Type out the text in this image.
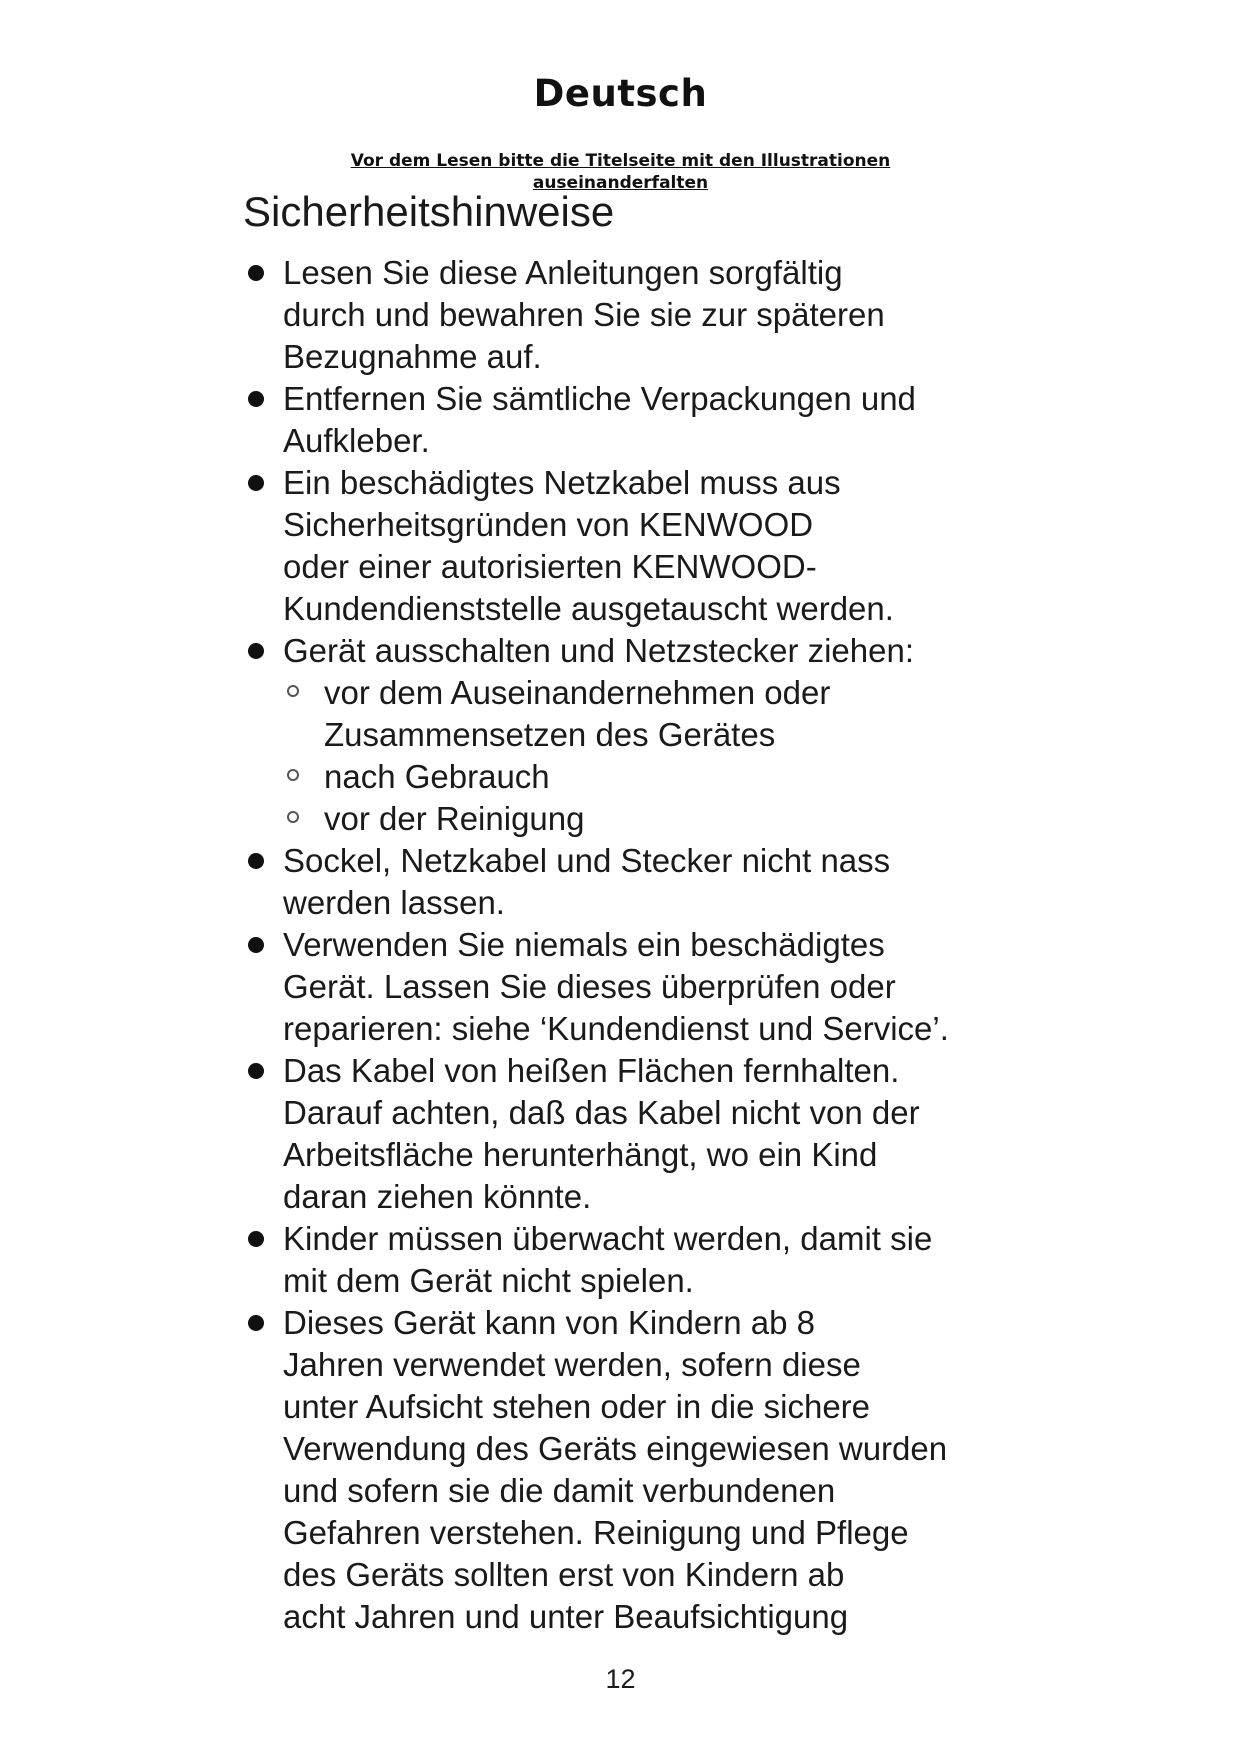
Deutsch
Vor dem Lesen bitte die Titelseite mit den Illustrationen
auseinanderfalten
Sicherheitshinweise
Lesen Sie diese Anleitungen sorgfältig
durch und bewahren Sie sie zur späteren
Bezugnahme auf.
Entfernen Sie sämtliche Verpackungen und
Aufkleber.
Ein beschädigtes Netzkabel muss aus
Sicherheitsgründen von KENWOOD
oder einer autorisierten KENWOOD-
Kundendienststelle ausgetauscht werden.
Gerät ausschalten und Netzstecker ziehen:
vor dem Auseinandernehmen oder
Zusammensetzen des Gerätes
nach Gebrauch
vor der Reinigung
Sockel, Netzkabel und Stecker nicht nass
werden lassen.
Verwenden Sie niemals ein beschädigtes
Gerät. Lassen Sie dieses überprüfen oder
reparieren: siehe ‘Kundendienst und Service’.
Das Kabel von heißen Flächen fernhalten.
Darauf achten, daß das Kabel nicht von der
Arbeitsfläche herunterhängt, wo ein Kind
daran ziehen könnte.
Kinder müssen überwacht werden, damit sie
mit dem Gerät nicht spielen.
Dieses Gerät kann von Kindern ab 8
Jahren verwendet werden, sofern diese
unter Aufsicht stehen oder in die sichere
Verwendung des Geräts eingewiesen wurden
und sofern sie die damit verbundenen
Gefahren verstehen. Reinigung und Pflege
des Geräts sollten erst von Kindern ab
acht Jahren und unter Beaufsichtigung
12
